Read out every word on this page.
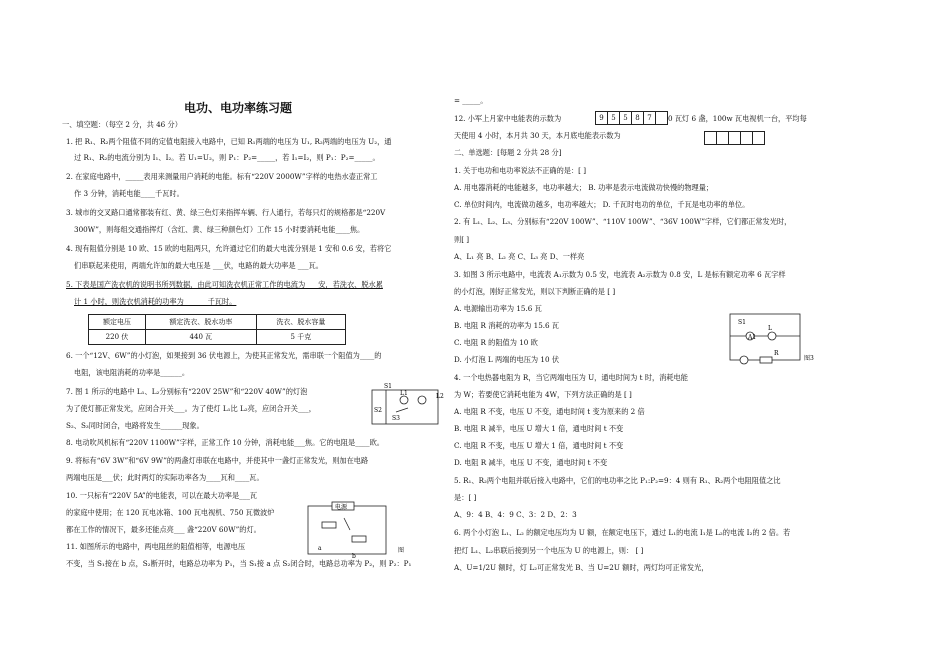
电功、电功率练习题
一、填空题：（每空 2 分，共 46 分）
1. 把 R₁、R₂两个阻值不同的定值电阻接入电路中，已知 R₁两端的电压为 U₁, R₂两端的电压为 U₂，通
过 R₁、R₂的电流分别为 I₁、I₂。若 U₁=U₂，则 P₁：P₂=_____，若 I₁=I₂，则 P₁：P₂=_____。
2. 在家庭电路中，_____表用来测量用户消耗的电能。标有“220V 2000W”字样的电热水壶正常工
作 3 分钟，消耗电能____千瓦时。
3. 城市的交叉路口通常都装有红、黄、绿三色灯来指挥车辆、行人通行，若每只灯的规格都是“220V
300W”，则每组交通指挥灯（含红、黄、绿三种颜色灯）工作 15 小时要消耗电能____焦。
4. 现有阻值分别是 10 欧、15 欧的电阻两只，允许通过它们的最大电流分别是 1 安和 0.6 安，若将它
们串联起来使用，两端允许加的最大电压是 ___伏，电路的最大功率是 ___瓦。
5. 下表是国产洗衣机的说明书所列数据，由此可知洗衣机正常工作的电流为 ___安，若洗衣、脱水累
计 1 小时，则洗衣机消耗的功率为 ______千瓦时。
额定电压	额定洗衣、脱水功率	洗衣、脱水容量
220 伏	440 瓦	5 千克
6. 一个“12V、6W”的小灯泡，如果接到 36 伏电源上，为使其正常发光，需串联一个阻值为____的
电阻，该电阻消耗的功率是______。
7. 图 1 所示的电路中 L₁、L₂分别标有“220V 25W”和“220V 40W”的灯泡
为了使灯都正常发光，应闭合开关___。为了使灯 L₁比 L₂亮，应闭合开关___，
S₂、S₃同时闭合，电路将发生______现象。
8. 电动吹风机标有“220V 1100W”字样，正常工作 10 分钟，消耗电能___焦。它的电阻是____欧。
9. 将标有“6V 3W”和“6V 9W”的两盏灯串联在电路中，并使其中一盏灯正常发光，则加在电路
两端电压是___伏；此时两灯的实际功率各为____瓦和____瓦。
10. 一只标有“220V 5A”的电能表，可以在最大功率是___瓦
的家庭中使用；在 120 瓦电冰箱、100 瓦电视机、750 瓦微波炉
都在工作的情况下，最多还能点亮___ 盏“220V 60W”的灯。
11. 如图所示的电路中，两电阻丝的阻值相等，电源电压
不变，当 S₁接在 b 点，S₂断开时，电路总功率为 P₁，当 S₁接 a 点 S₂闭合时，电路总功率为 P₂，则 P₂：P₁
S1
S2
S3
L1	L2
电源
a
b
图
= _____。
12. 小军上月家中电能表的示数为	9	5	5	8	7	0 瓦灯 6 盏，100w 瓦电视机一台，平均每
天使用 4 小时，本月共 30 天，本月底电能表示数为
二、单选题：[每题 2 分共 28 分]
1. 关于电功和电功率说法不正确的是：[ ]
A. 用电器消耗的电能越多，电功率越大； B. 功率是表示电流做功快慢的物理量；
C. 单位时间内，电流做功越多，电功率越大； D. 千瓦时电功的单位，千瓦是电功率的单位。
2. 有 L₁、L₂、L₃、分别标有“220V 100W”、“110V 100W”、“36V 100W”字样，它们都正常发光时，
则[ ]
A、L₁ 亮 B、L₂ 亮 C、L₃ 亮 D、一样亮
3. 如图 3 所示电路中，电流表 A₁示数为 0.5 安，电流表 A₂示数为 0.8 安，L 是标有额定功率 6 瓦字样
的小灯泡，刚好正常发光，则以下判断正确的是 [ ]
A. 电源输出功率为 15.6 瓦
B. 电阻 R 消耗的功率为 15.6 瓦
C. 电阻 R 的阻值为 10 欧
D. 小灯泡 L 两端的电压为 10 伏
4. 一个电热器电阻为 R，当它两端电压为 U，通电时间为 t 时，消耗电能
为 W；若要使它消耗电能为 4W，下列方法正确的是 [ ]
A. 电阻 R 不变，电压 U 不变，通电时间 t 变为原来的 2 倍
B. 电阻 R 减半，电压 U 增大 1 倍，通电时间 t 不变
C. 电阻 R 不变，电压 U 增大 1 倍，通电时间 t 不变
D. 电阻 R 减半，电压 U 不变，通电时间 t 不变
5. R₁、R₂两个电阻并联后接入电路中，它们的电功率之比 P₁:P₂=9：4 则有 R₁、R₂两个电阻阻值之比
是：[ ]
A、9：4 B、4：9 C、3：2 D、2：3
6. 两个小灯泡 L₁、L₂ 的额定电压均为 U 额，在额定电压下，通过 L₁的电流 I₁是 L₂的电流 I₂的 2 倍。若
把灯 L₁、L₂串联后接到另一个电压为 U 的电源上，则： [ ]
A、U=1/2U 额时，灯 L₂可正常发光 B、当 U=2U 额时，两灯均可正常发光，
S1
L
A1
R
图3
